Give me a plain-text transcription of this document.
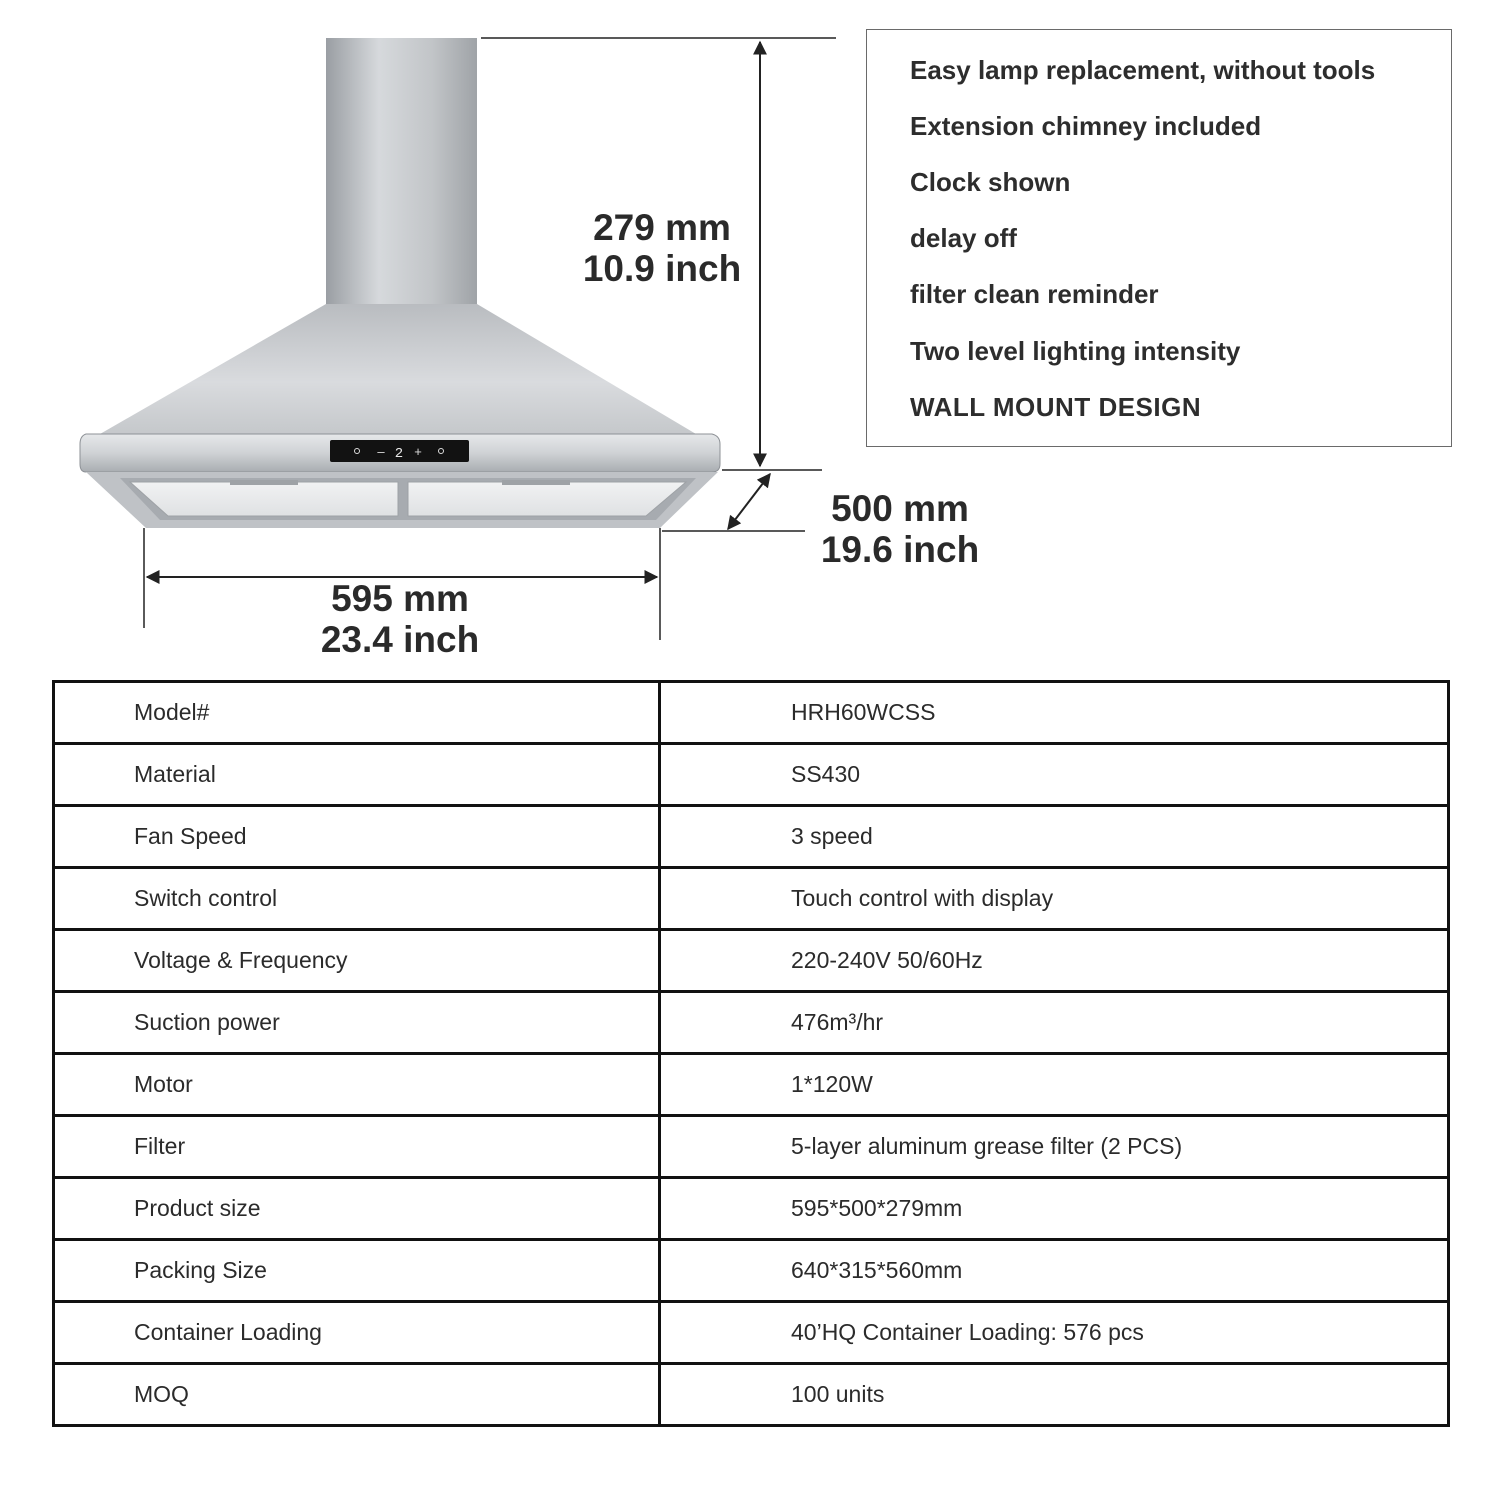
– 2 +
279 mm
10.9 inch
500 mm
19.6 inch
595 mm
23.4 inch
Easy lamp replacement, without tools
Extension chimney included
Clock shown
delay off
filter clean reminder
Two level lighting intensity
WALL MOUNT DESIGN
Model#	HRH60WCSS
Material	SS430
Fan Speed	3 speed
Switch control	Touch control with display
Voltage & Frequency	220-240V 50/60Hz
Suction power	476m³/hr
Motor	1*120W
Filter	5-layer aluminum grease filter (2 PCS)
Product size	595*500*279mm
Packing Size	640*315*560mm
Container Loading	40’HQ Container Loading: 576 pcs
MOQ	100 units
